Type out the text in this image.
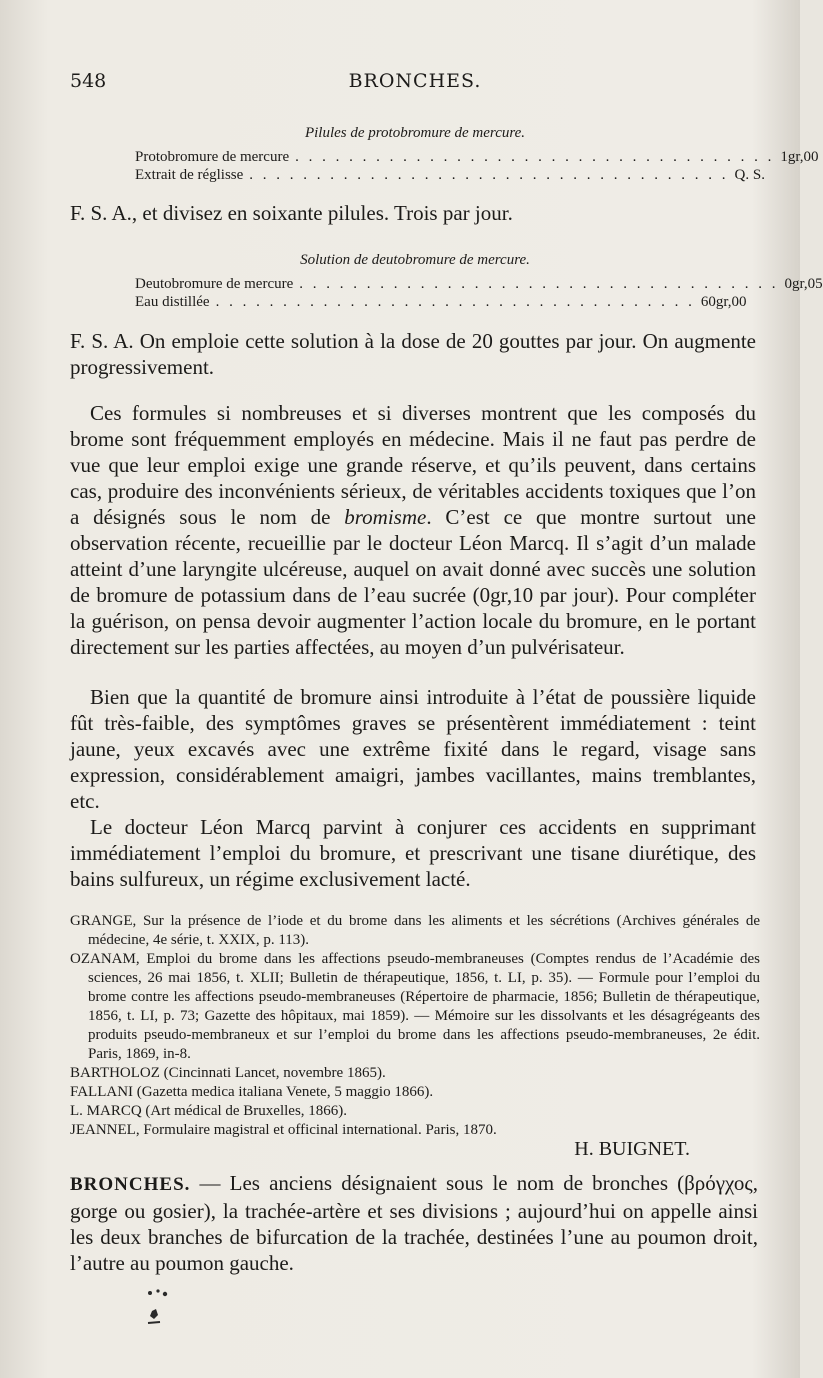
548	BRONCHES.
Pilules de protobromure de mercure.
Protobromure de mercure . . . . . . . . . . . . . . . . . . . . . . . . . . . . . . . . . . . . 1gr,00
Extrait de réglisse . . . . . . . . . . . . . . . . . . . . . . . . . . . . . . . . . . . . Q. S.
F. S. A., et divisez en soixante pilules. Trois par jour.
Solution de deutobromure de mercure.
Deutobromure de mercure . . . . . . . . . . . . . . . . . . . . . . . . . . . . . . . . . . . . 0gr,05
Eau distillée . . . . . . . . . . . . . . . . . . . . . . . . . . . . . . . . . . . . 60gr,00
F. S. A. On emploie cette solution à la dose de 20 gouttes par jour. On augmente progressivement.
Ces formules si nombreuses et si diverses montrent que les composés du brome sont fréquemment employés en médecine. Mais il ne faut pas perdre de vue que leur emploi exige une grande réserve, et qu’ils peuvent, dans certains cas, produire des inconvénients sérieux, de véritables accidents toxiques que l’on a désignés sous le nom de bromisme. C’est ce que montre surtout une observation récente, recueillie par le docteur Léon Marcq. Il s’agit d’un malade atteint d’une laryngite ulcéreuse, auquel on avait donné avec succès une solution de bromure de potassium dans de l’eau sucrée (0gr,10 par jour). Pour compléter la guérison, on pensa devoir augmenter l’action locale du bromure, en le portant directement sur les parties affectées, au moyen d’un pulvérisateur.
Bien que la quantité de bromure ainsi introduite à l’état de poussière liquide fût très-faible, des symptômes graves se présentèrent immédiatement : teint jaune, yeux excavés avec une extrême fixité dans le regard, visage sans expression, considérablement amaigri, jambes vacillantes, mains tremblantes, etc.
Le docteur Léon Marcq parvint à conjurer ces accidents en supprimant immédiatement l’emploi du bromure, et prescrivant une tisane diurétique, des bains sulfureux, un régime exclusivement lacté.
GRANGE, Sur la présence de l’iode et du brome dans les aliments et les sécrétions (Archives générales de médecine, 4e série, t. XXIX, p. 113).
OZANAM, Emploi du brome dans les affections pseudo-membraneuses (Comptes rendus de l’Académie des sciences, 26 mai 1856, t. XLII; Bulletin de thérapeutique, 1856, t. LI, p. 35). — Formule pour l’emploi du brome contre les affections pseudo-membraneuses (Répertoire de pharmacie, 1856; Bulletin de thérapeutique, 1856, t. LI, p. 73; Gazette des hôpitaux, mai 1859). — Mémoire sur les dissolvants et les désagrégeants des produits pseudo-membraneux et sur l’emploi du brome dans les affections pseudo-membraneuses, 2e édit. Paris, 1869, in-8.
BARTHOLOZ (Cincinnati Lancet, novembre 1865).
FALLANI (Gazetta medica italiana Venete, 5 maggio 1866).
L. MARCQ (Art médical de Bruxelles, 1866).
JEANNEL, Formulaire magistral et officinal international. Paris, 1870.
H. BUIGNET.
BRONCHES. — Les anciens désignaient sous le nom de bronches (βρόγχος, gorge ou gosier), la trachée-artère et ses divisions ; aujourd’hui on appelle ainsi les deux branches de bifurcation de la trachée, destinées l’une au poumon droit, l’autre au poumon gauche.
